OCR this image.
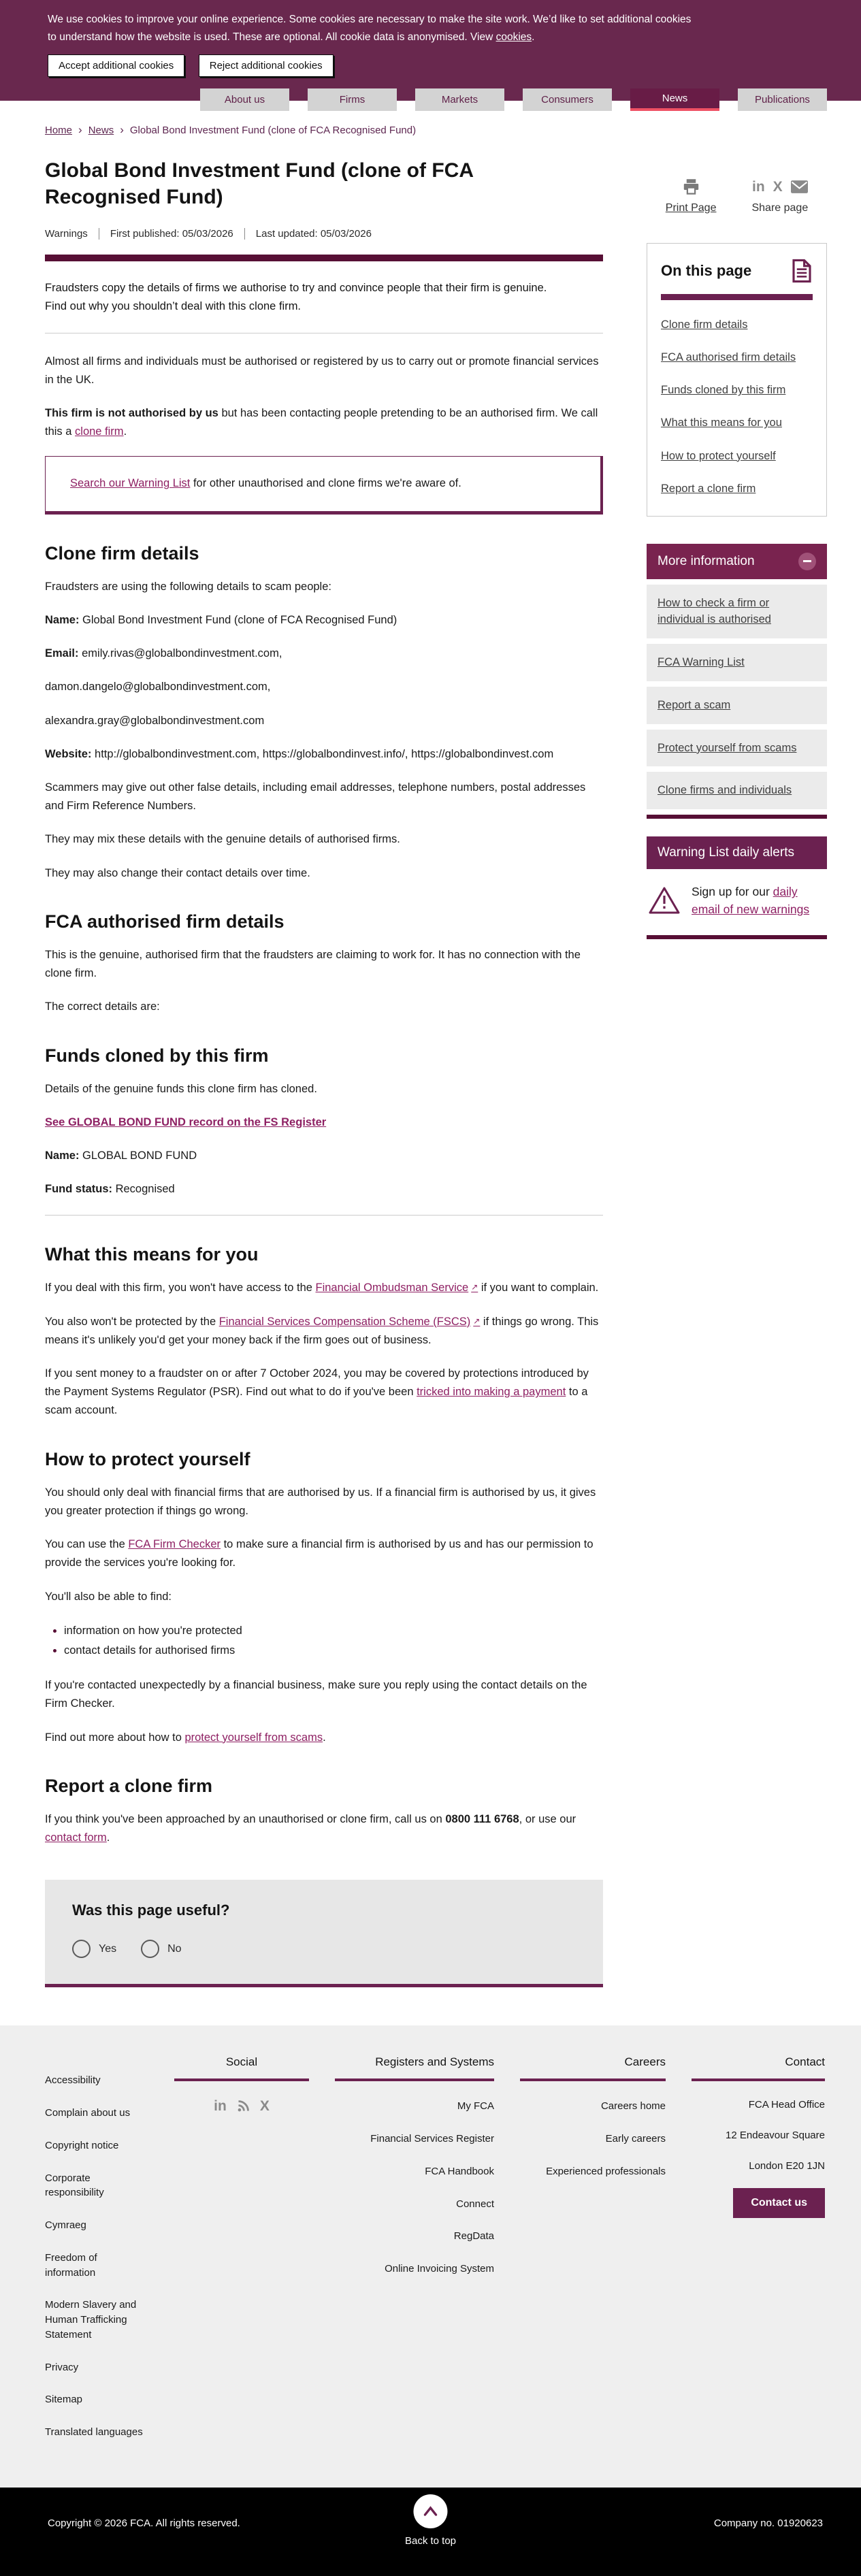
We use cookies to improve your online experience. Some cookies are necessary to make the site work. We’d like to set additional cookies to understand how the website is used. These are optional. All cookie data is anonymised. View cookies.
Accept additional cookies	Reject additional cookies
About us	Firms	Markets	Consumers	News	Publications
Home › News › Global Bond Investment Fund (clone of FCA Recognised Fund)
Global Bond Investment Fund (clone of FCA Recognised Fund)
Warnings	First published: 05/03/2026	Last updated: 05/03/2026

Fraudsters copy the details of firms we authorise to try and convince people that their firm is genuine. Find out why you shouldn’t deal with this clone firm.

Almost all firms and individuals must be authorised or registered by us to carry out or promote financial services in the UK.

This firm is not authorised by us but has been contacting people pretending to be an authorised firm. We call this a clone firm.

Search our Warning List for other unauthorised and clone firms we're aware of.

Clone firm details

Fraudsters are using the following details to scam people:

Name: Global Bond Investment Fund (clone of FCA Recognised Fund)

Email: emily.rivas@globalbondinvestment.com,

damon.dangelo@globalbondinvestment.com,

alexandra.gray@globalbondinvestment.com

Website: http://globalbondinvestment.com, https://globalbondinvest.info/, https://globalbondinvest.com

Scammers may give out other false details, including email addresses, telephone numbers, postal addresses and Firm Reference Numbers.

They may mix these details with the genuine details of authorised firms.

They may also change their contact details over time.

FCA authorised firm details

This is the genuine, authorised firm that the fraudsters are claiming to work for. It has no connection with the clone firm.

The correct details are:

Funds cloned by this firm

Details of the genuine funds this clone firm has cloned.

See GLOBAL BOND FUND record on the FS Register

Name: GLOBAL BOND FUND

Fund status: Recognised

What this means for you

If you deal with this firm, you won't have access to the Financial Ombudsman Service ↗ if you want to complain.

You also won't be protected by the Financial Services Compensation Scheme (FSCS) ↗ if things go wrong. This means it's unlikely you'd get your money back if the firm goes out of business.

If you sent money to a fraudster on or after 7 October 2024, you may be covered by protections introduced by the Payment Systems Regulator (PSR). Find out what to do if you've been tricked into making a payment to a scam account.

How to protect yourself

You should only deal with financial firms that are authorised by us. If a financial firm is authorised by us, it gives you greater protection if things go wrong.

You can use the FCA Firm Checker to make sure a financial firm is authorised by us and has our permission to provide the services you're looking for.

You'll also be able to find:

• information on how you're protected
• contact details for authorised firms

If you're contacted unexpectedly by a financial business, make sure you reply using the contact details on the Firm Checker.

Find out more about how to protect yourself from scams.

Report a clone firm

If you think you've been approached by an unauthorised or clone firm, call us on 0800 111 6768, or use our contact form.

Was this page useful?
Yes	No
Print Page
in X
Share page
On this page
Clone firm details
FCA authorised firm details
Funds cloned by this firm
What this means for you
How to protect yourself
Report a clone firm
More information
How to check a firm or individual is authorised
FCA Warning List
Report a scam
Protect yourself from scams
Clone firms and individuals
Warning List daily alerts
Sign up for our daily email of new warnings
Accessibility
Complain about us
Copyright notice
Corporate responsibility
Cymraeg
Freedom of information
Modern Slavery and Human Trafficking Statement
Privacy
Sitemap
Translated languages
Social
in X
Registers and Systems
My FCA
Financial Services Register
FCA Handbook
Connect
RegData
Online Invoicing System
Careers
Careers home
Early careers
Experienced professionals
Contact
FCA Head Office
12 Endeavour Square
London E20 1JN
Contact us
Copyright © 2026 FCA. All rights reserved.
Back to top
Company no. 01920623
